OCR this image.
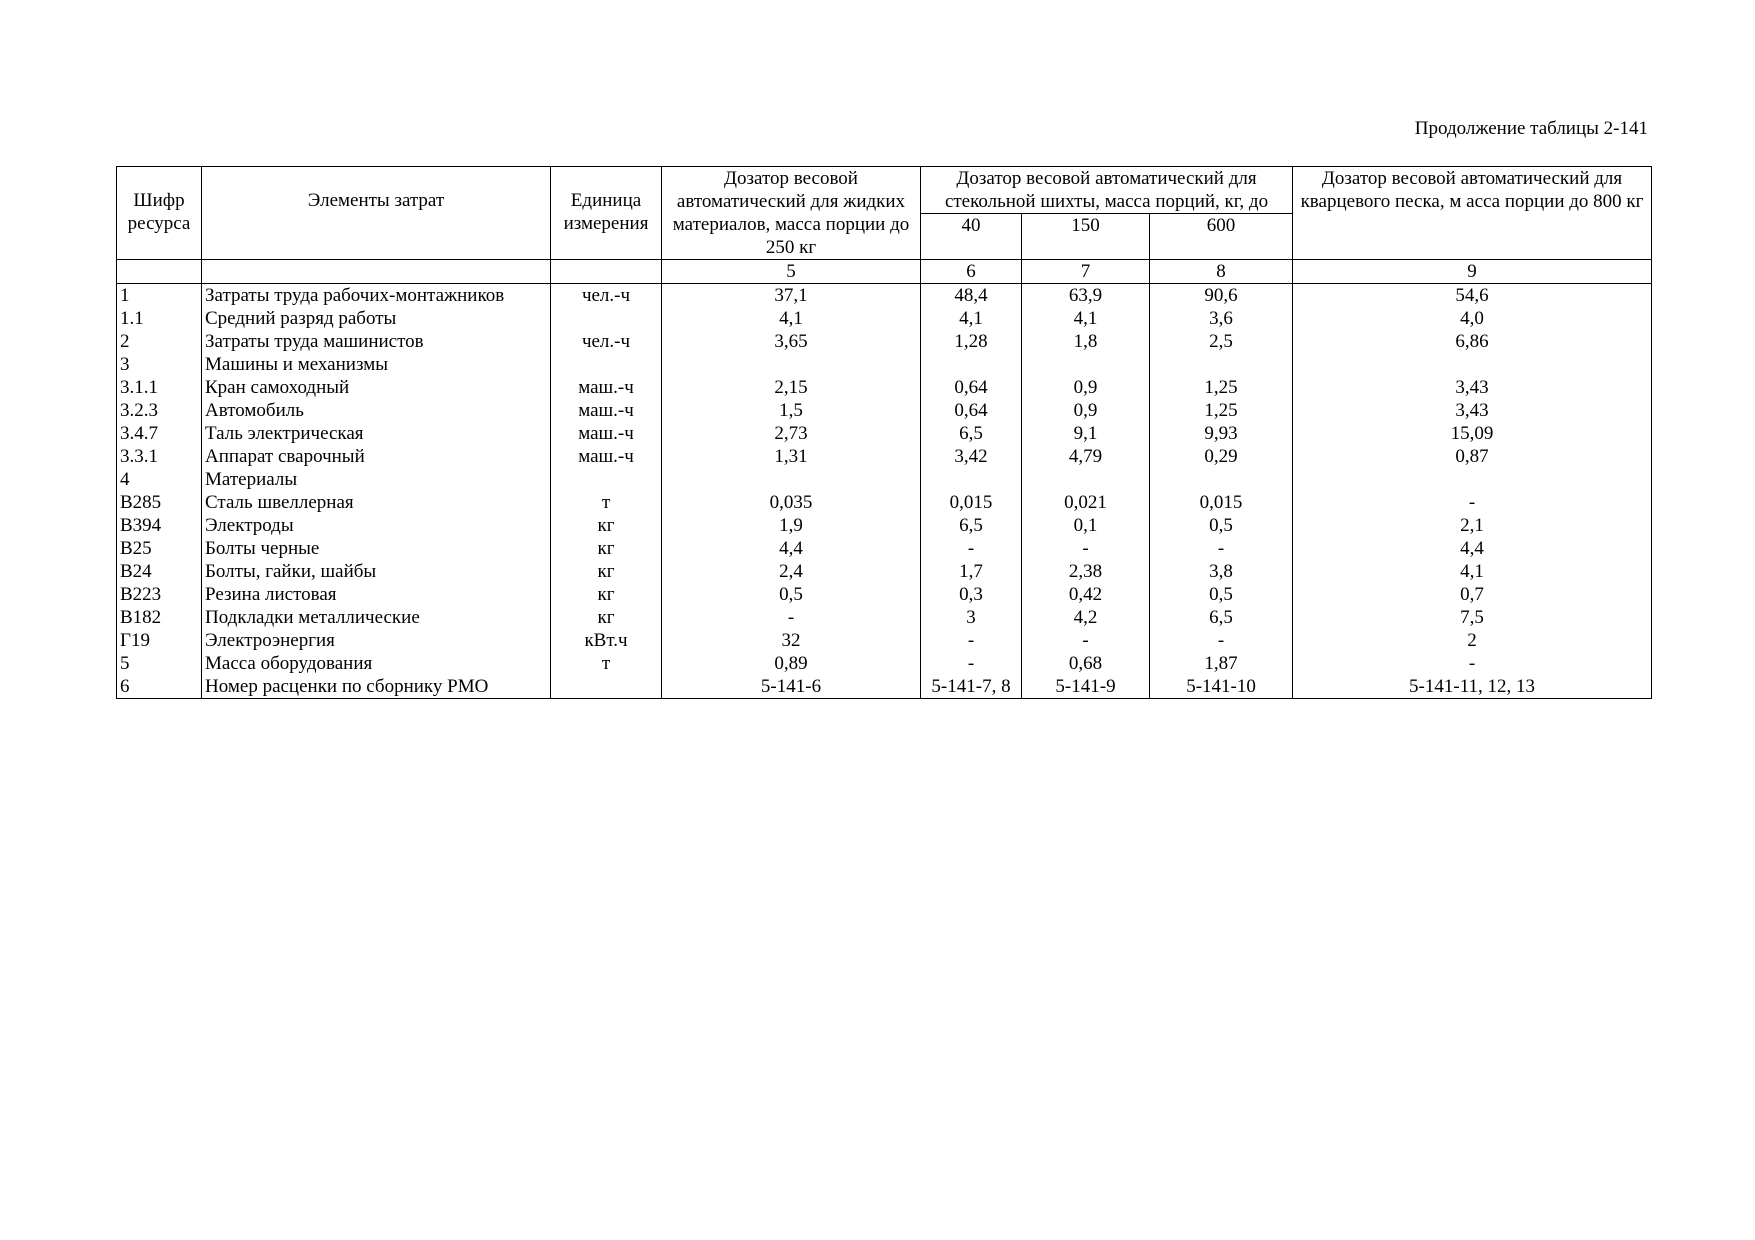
Продолжение таблицы 2-141
Шифр ресурса	Элементы затрат	Единица измерения	Дозатор весовой автоматический для жидких материалов, масса порции до 250 кг	Дозатор весовой автоматический для стекольной шихты, масса порций, кг, до			Дозатор весовой автоматический для кварцевого песка, м асса порции до 800 кг
				40	150	600	
			5	6	7	8	9
1	Затраты труда рабочих-монтажников	чел.-ч	37,1	48,4	63,9	90,6	54,6
1.1	Средний разряд работы		4,1	4,1	4,1	3,6	4,0
2	Затраты труда машинистов	чел.-ч	3,65	1,28	1,8	2,5	6,86
3	Машины и механизмы						
3.1.1	Кран самоходный	маш.-ч	2,15	0,64	0,9	1,25	3,43
3.2.3	Автомобиль	маш.-ч	1,5	0,64	0,9	1,25	3,43
3.4.7	Таль электрическая	маш.-ч	2,73	6,5	9,1	9,93	15,09
3.3.1	Аппарат сварочный	маш.-ч	1,31	3,42	4,79	0,29	0,87
4	Материалы						
В285	Сталь швеллерная	т	0,035	0,015	0,021	0,015	-
В394	Электроды	кг	1,9	6,5	0,1	0,5	2,1
В25	Болты черные	кг	4,4	-	-	-	4,4
В24	Болты, гайки, шайбы	кг	2,4	1,7	2,38	3,8	4,1
В223	Резина листовая	кг	0,5	0,3	0,42	0,5	0,7
В182	Подкладки металлические	кг	-	3	4,2	6,5	7,5
Г19	Электроэнергия	кВт.ч	32	-	-	-	2
5	Масса оборудования	т	0,89	-	0,68	1,87	-
6	Номер расценки по сборнику РМО		5-141-6	5-141-7, 8	5-141-9	5-141-10	5-141-11, 12, 13
